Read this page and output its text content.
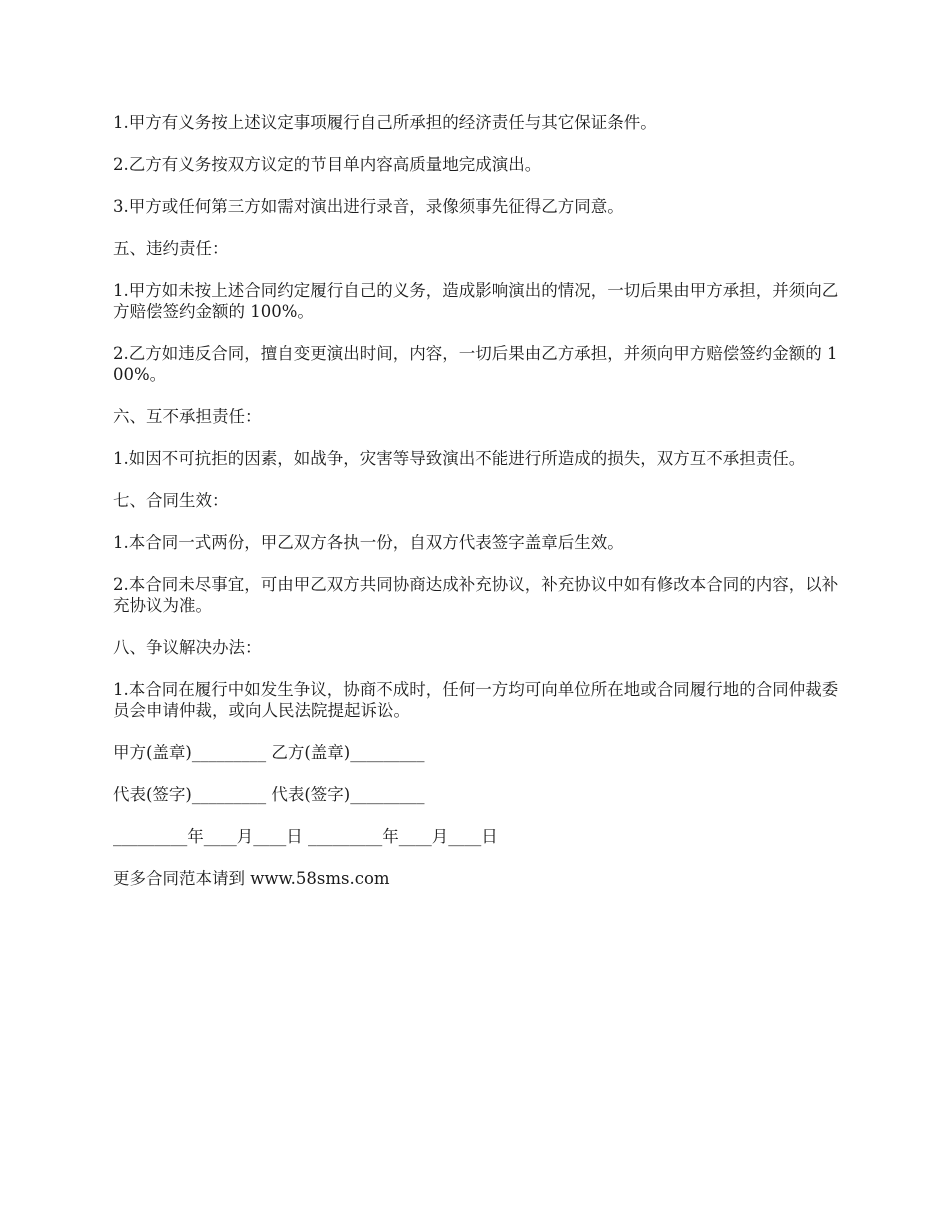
1.甲方有义务按上述议定事项履行自己所承担的经济责任与其它保证条件。

2.乙方有义务按双方议定的节目单内容高质量地完成演出。

3.甲方或任何第三方如需对演出进行录音，录像须事先征得乙方同意。

五、违约责任：

1.甲方如未按上述合同约定履行自己的义务，造成影响演出的情况，一切后果由甲方承担，并须向乙方赔偿签约金额的 100%。

2.乙方如违反合同，擅自变更演出时间，内容，一切后果由乙方承担，并须向甲方赔偿签约金额的 100%。

六、互不承担责任：

1.如因不可抗拒的因素，如战争，灾害等导致演出不能进行所造成的损失，双方互不承担责任。

七、合同生效：

1.本合同一式两份，甲乙双方各执一份，自双方代表签字盖章后生效。

2.本合同未尽事宜，可由甲乙双方共同协商达成补充协议，补充协议中如有修改本合同的内容，以补充协议为准。

八、争议解决办法：

1.本合同在履行中如发生争议，协商不成时，任何一方均可向单位所在地或合同履行地的合同仲裁委员会申请仲裁，或向人民法院提起诉讼。

甲方(盖章)_________ 乙方(盖章)_________

代表(签字)_________ 代表(签字)_________

_________年____月____日 _________年____月____日

更多合同范本请到 www.58sms.com
